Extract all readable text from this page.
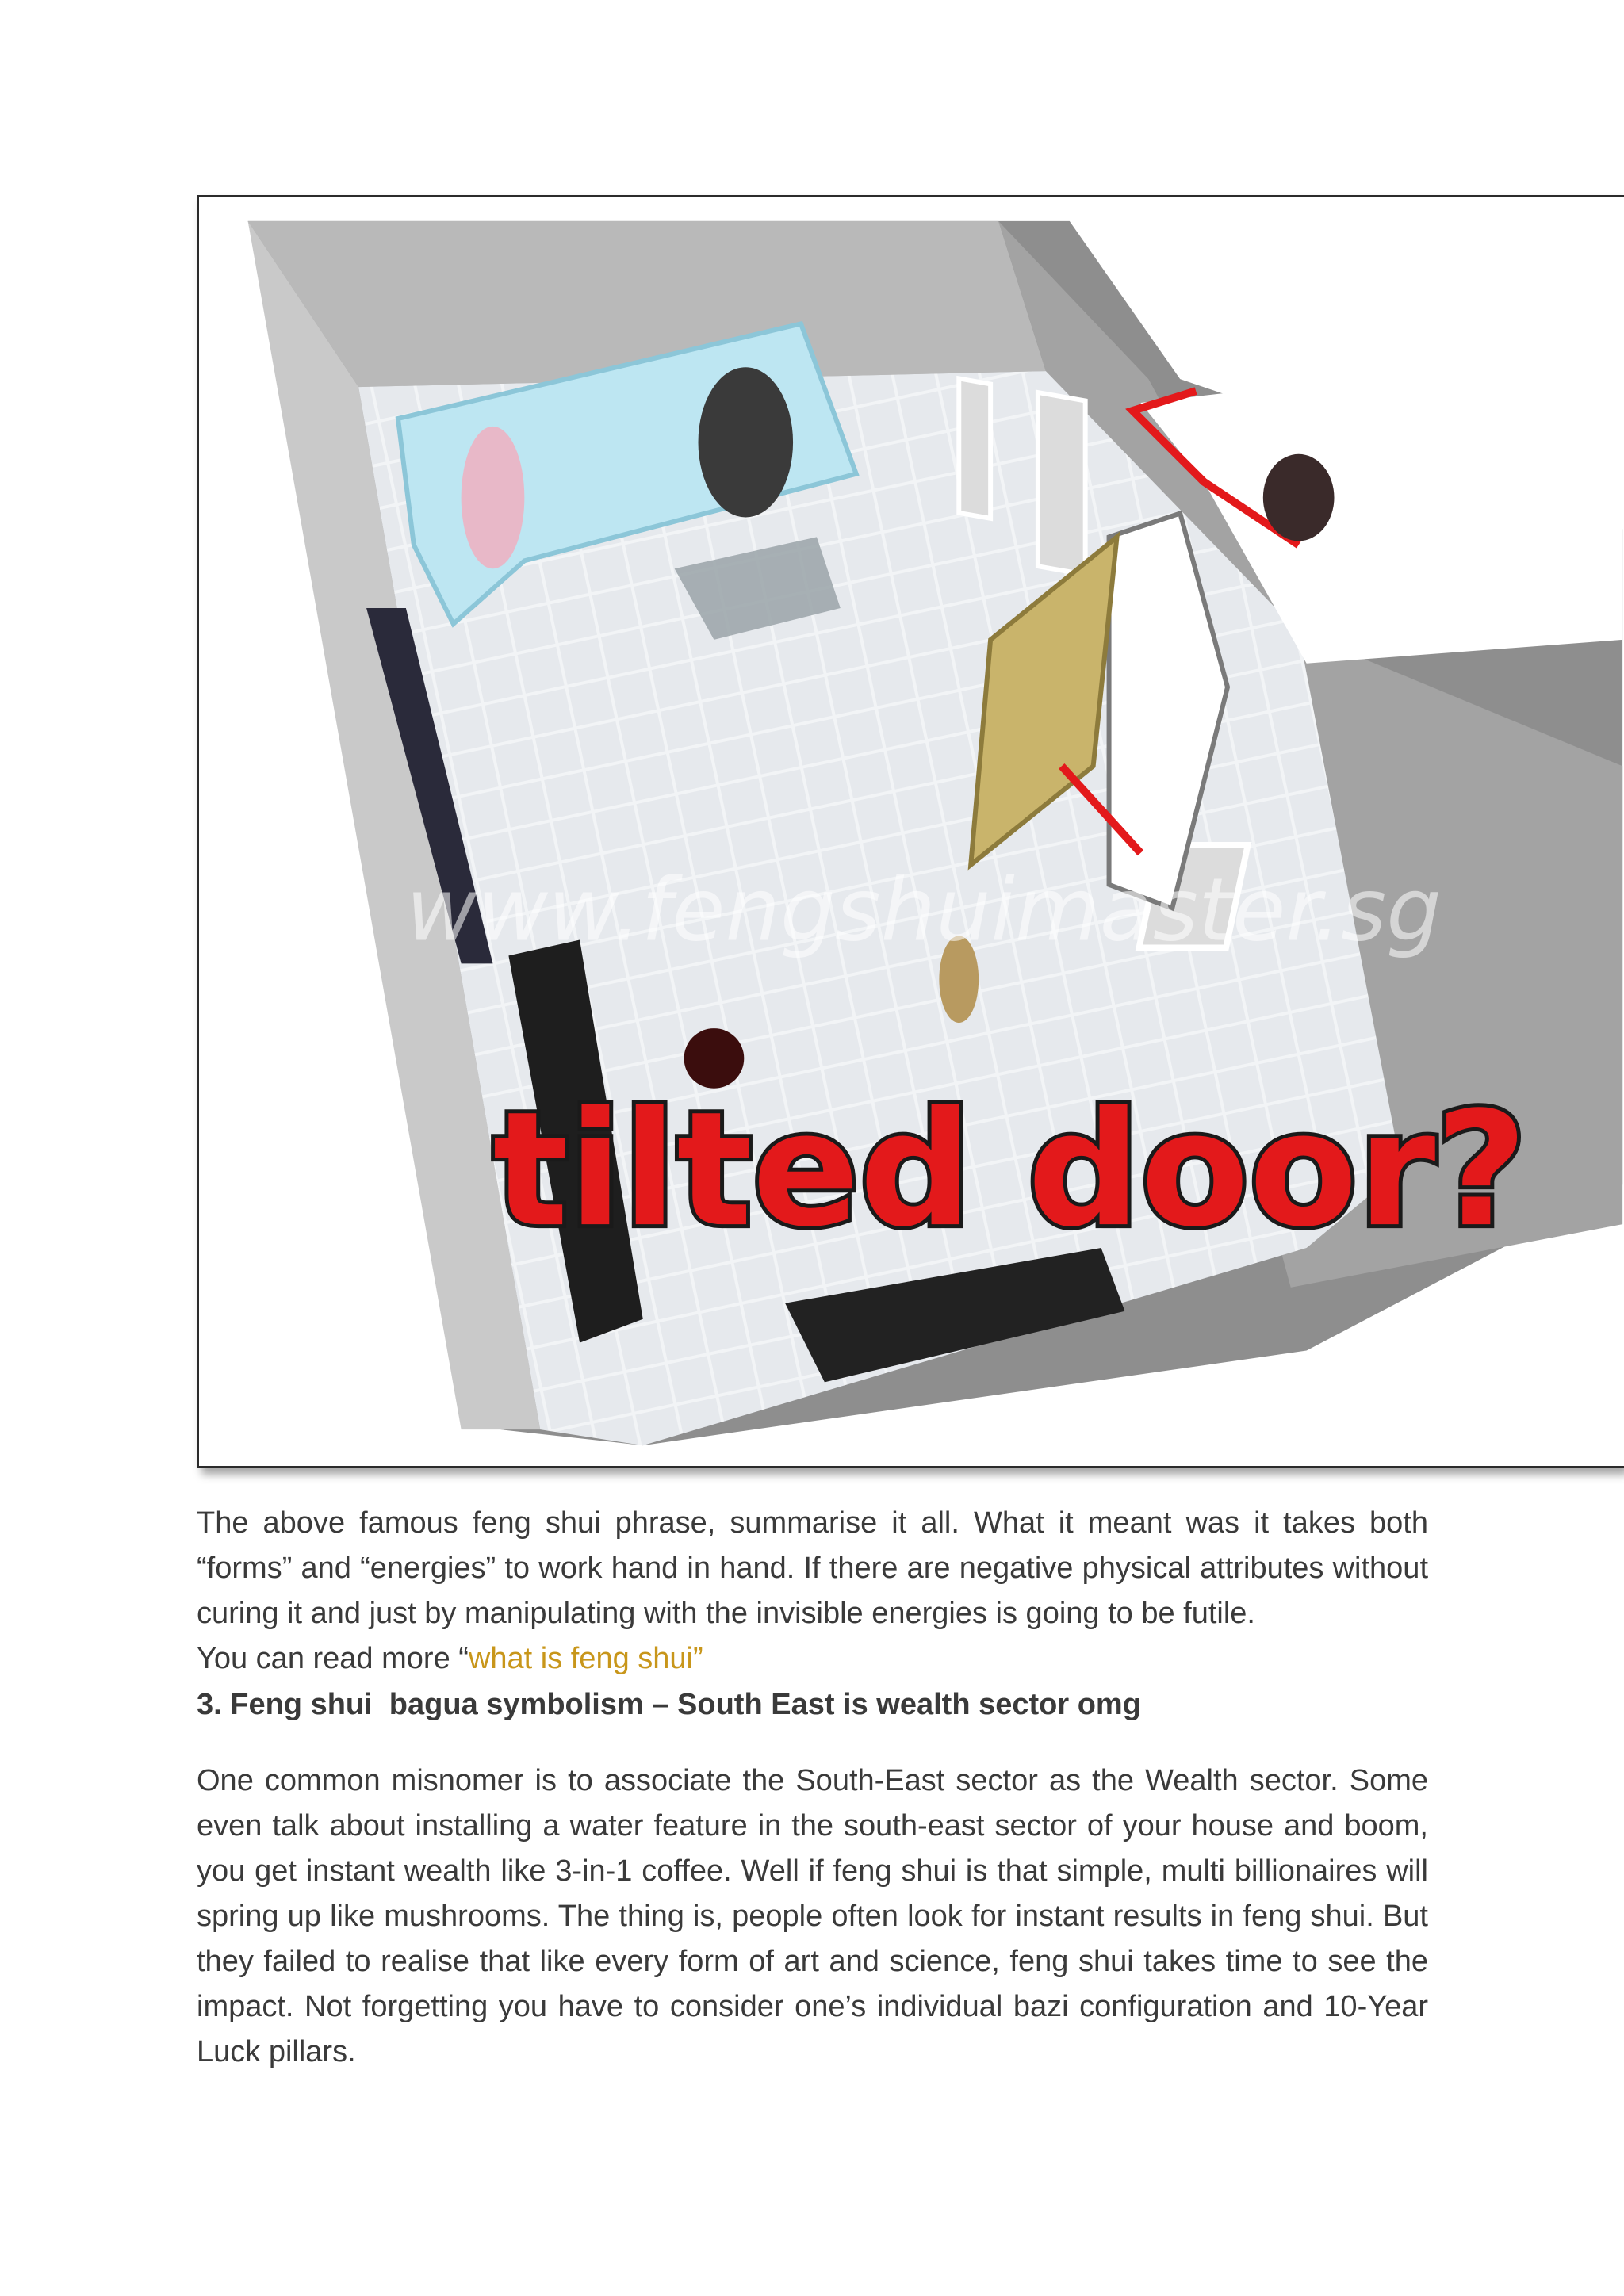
www.fengshuimaster.sg
tilted door?
The above famous feng shui phrase, summarise it all. What it meant was it takes both “forms” and “energies” to work hand in hand. If there are negative physical attributes without curing it and just by manipulating with the invisible energies is going to be futile.
You can read more “what is feng shui”
3. Feng shui  bagua symbolism – South East is wealth sector omg
One common misnomer is to associate the South-East sector as the Wealth sector. Some even talk about installing a water feature in the south-east sector of your house and boom, you get instant wealth like 3-in-1 coffee. Well if feng shui is that simple, multi billionaires will spring up like mushrooms. The thing is, people often look for instant results in feng shui. But they failed to realise that like every form of art and science, feng shui takes time to see the impact. Not forgetting you have to consider one’s individual bazi configuration and 10-Year Luck pillars.
